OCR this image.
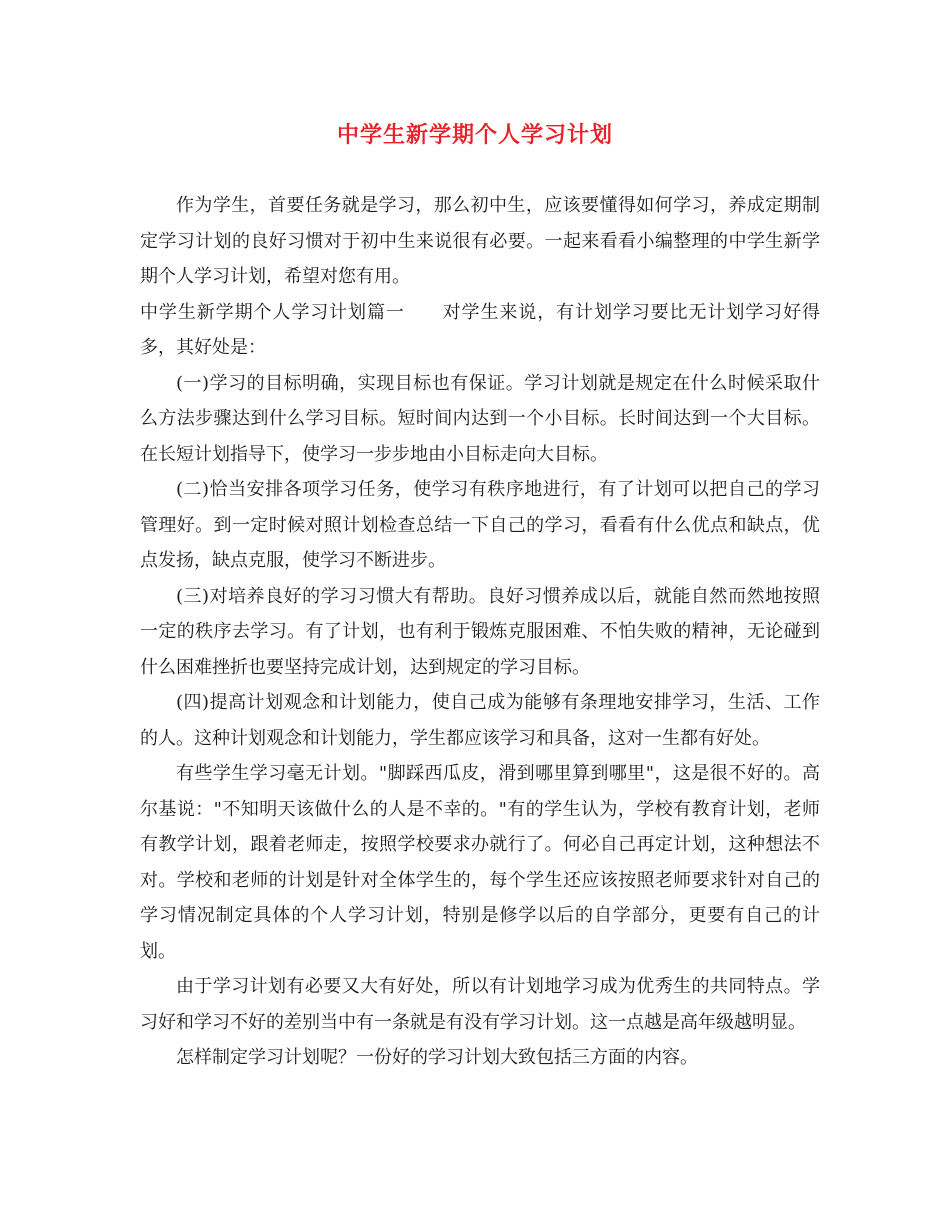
中学生新学期个人学习计划

作为学生，首要任务就是学习，那么初中生，应该要懂得如何学习，养成定期制定学习计划的良好习惯对于初中生来说很有必要。一起来看看小编整理的中学生新学期个人学习计划，希望对您有用。

中学生新学期个人学习计划篇一　　对学生来说，有计划学习要比无计划学习好得多，其好处是：

(一)学习的目标明确，实现目标也有保证。学习计划就是规定在什么时候采取什么方法步骤达到什么学习目标。短时间内达到一个小目标。长时间达到一个大目标。在长短计划指导下，使学习一步步地由小目标走向大目标。

(二)恰当安排各项学习任务，使学习有秩序地进行，有了计划可以把自己的学习管理好。到一定时候对照计划检查总结一下自己的学习，看看有什么优点和缺点，优点发扬，缺点克服，使学习不断进步。

(三)对培养良好的学习习惯大有帮助。良好习惯养成以后，就能自然而然地按照一定的秩序去学习。有了计划，也有利于锻炼克服困难、不怕失败的精神，无论碰到什么困难挫折也要坚持完成计划，达到规定的学习目标。

(四)提高计划观念和计划能力，使自己成为能够有条理地安排学习，生活、工作的人。这种计划观念和计划能力，学生都应该学习和具备，这对一生都有好处。

有些学生学习毫无计划。"脚踩西瓜皮，滑到哪里算到哪里"，这是很不好的。高尔基说："不知明天该做什么的人是不幸的。"有的学生认为，学校有教育计划，老师有教学计划，跟着老师走，按照学校要求办就行了。何必自己再定计划，这种想法不对。学校和老师的计划是针对全体学生的，每个学生还应该按照老师要求针对自己的学习情况制定具体的个人学习计划，特别是修学以后的自学部分，更要有自己的计划。

由于学习计划有必要又大有好处，所以有计划地学习成为优秀生的共同特点。学习好和学习不好的差别当中有一条就是有没有学习计划。这一点越是高年级越明显。

怎样制定学习计划呢？一份好的学习计划大致包括三方面的内容。
